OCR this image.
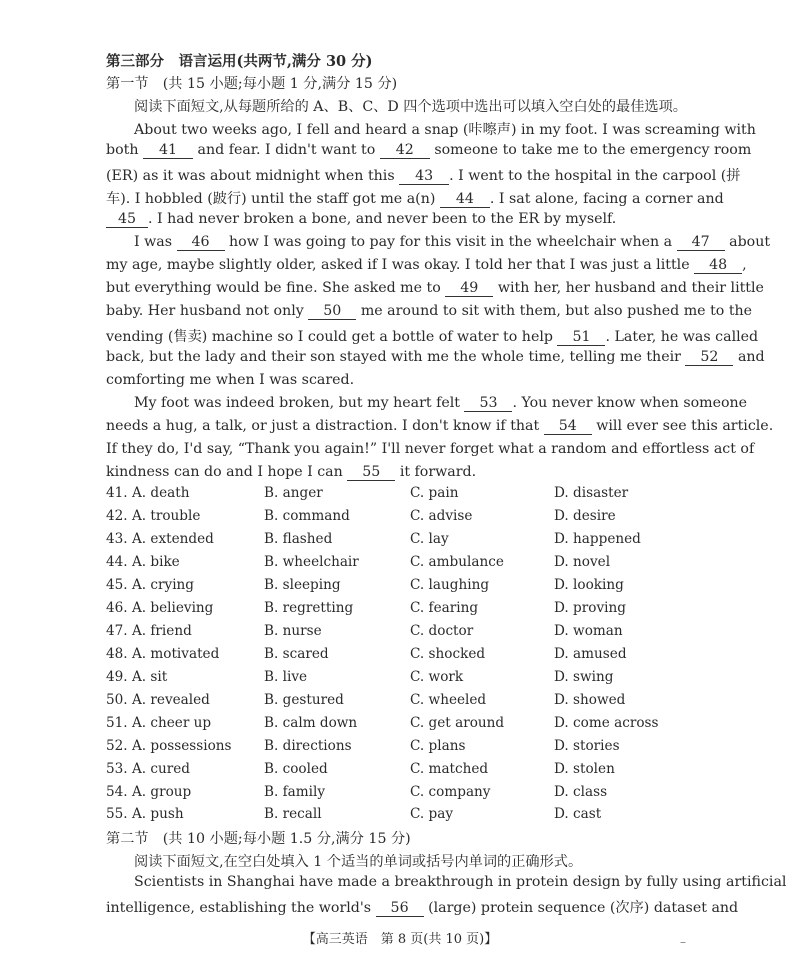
第三部分　语言运用(共两节,满分 30 分)
第一节　(共 15 小题;每小题 1 分,满分 15 分)
阅读下面短文,从每题所给的 A、B、C、D 四个选项中选出可以填入空白处的最佳选项。
About two weeks ago, I fell and heard a snap (咔嚓声) in my foot. I was screaming with
both 41 and fear. I didn't want to 42 someone to take me to the emergency room
(ER) as it was about midnight when this 43 . I went to the hospital in the carpool (拼
车). I hobbled (跛行) until the staff got me a(n) 44 . I sat alone, facing a corner and
45 . I had never broken a bone, and never been to the ER by myself.
I was 46 how I was going to pay for this visit in the wheelchair when a 47 about
my age, maybe slightly older, asked if I was okay. I told her that I was just a little 48 ,
but everything would be fine. She asked me to 49 with her, her husband and their little
baby. Her husband not only 50 me around to sit with them, but also pushed me to the
vending (售卖) machine so I could get a bottle of water to help 51 . Later, he was called
back, but the lady and their son stayed with me the whole time, telling me their 52 and
comforting me when I was scared.
My foot was indeed broken, but my heart felt 53 . You never know when someone
needs a hug, a talk, or just a distraction. I don't know if that 54 will ever see this article.
If they do, I'd say, “Thank you again!” I'll never forget what a random and effortless act of
kindness can do and I hope I can 55 it forward.
41. A. death	B. anger	C. pain	D. disaster
42. A. trouble	B. command	C. advise	D. desire
43. A. extended	B. flashed	C. lay	D. happened
44. A. bike	B. wheelchair	C. ambulance	D. novel
45. A. crying	B. sleeping	C. laughing	D. looking
46. A. believing	B. regretting	C. fearing	D. proving
47. A. friend	B. nurse	C. doctor	D. woman
48. A. motivated	B. scared	C. shocked	D. amused
49. A. sit	B. live	C. work	D. swing
50. A. revealed	B. gestured	C. wheeled	D. showed
51. A. cheer up	B. calm down	C. get around	D. come across
52. A. possessions B. directions	C. plans	D. stories
53. A. cured	B. cooled	C. matched	D. stolen
54. A. group	B. family	C. company	D. class
55. A. push	B. recall	C. pay	D. cast
第二节　(共 10 小题;每小题 1.5 分,满分 15 分)
阅读下面短文,在空白处填入 1 个适当的单词或括号内单词的正确形式。
Scientists in Shanghai have made a breakthrough in protein design by fully using artificial
intelligence, establishing the world's 56 (large) protein sequence (次序) dataset and
【高三英语　第 8 页(共 10 页)】	–
